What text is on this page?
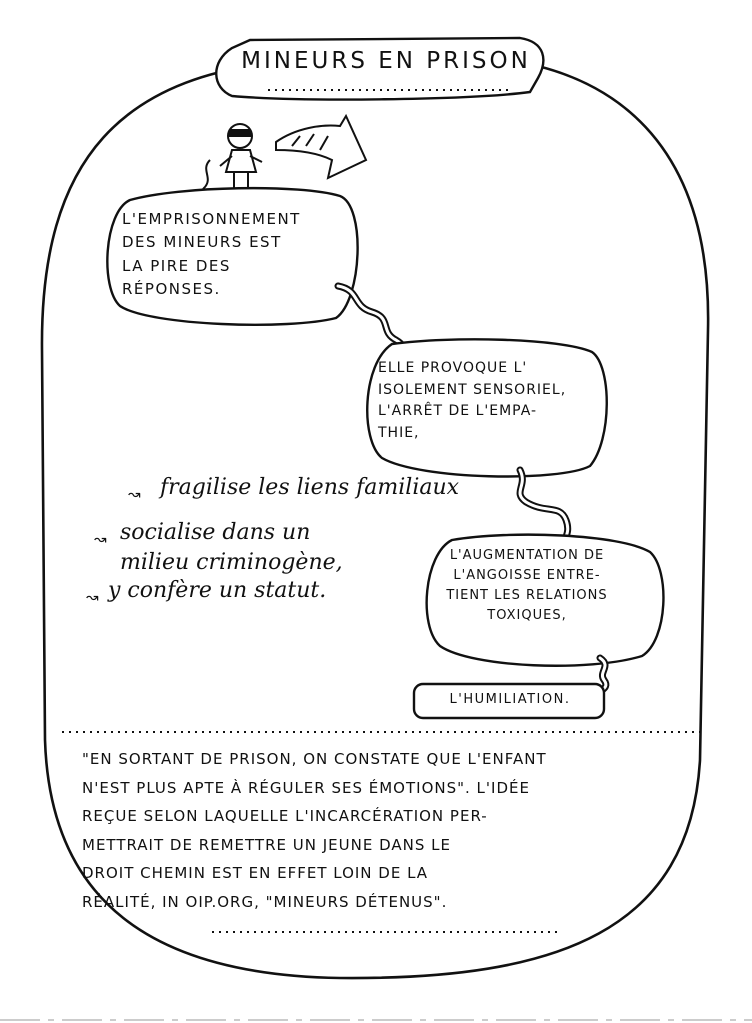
MINEURS EN PRISON
L'EMPRISONNEMENT
DES MINEURS EST
LA PIRE DES
RÉPONSES.
ELLE PROVOQUE L'
ISOLEMENT SENSORIEL,
L'ARRÊT DE L'EMPA-
THIE,
L'AUGMENTATION DE
L'ANGOISSE ENTRE-
TIENT LES RELATIONS
TOXIQUES,
L'HUMILIATION.
↝
↝
↝
fragilise les liens familiaux
socialise dans un
milieu criminogène,
y confère un statut.
"EN SORTANT DE PRISON, ON CONSTATE QUE L'ENFANT
N'EST PLUS APTE À RÉGULER SES ÉMOTIONS". L'IDÉE
REÇUE SELON LAQUELLE L'INCARCÉRATION PER-
METTRAIT DE REMETTRE UN JEUNE DANS LE
DROIT CHEMIN EST EN EFFET LOIN DE LA
RÉALITÉ, IN OIP.ORG, "MINEURS DÉTENUS".
